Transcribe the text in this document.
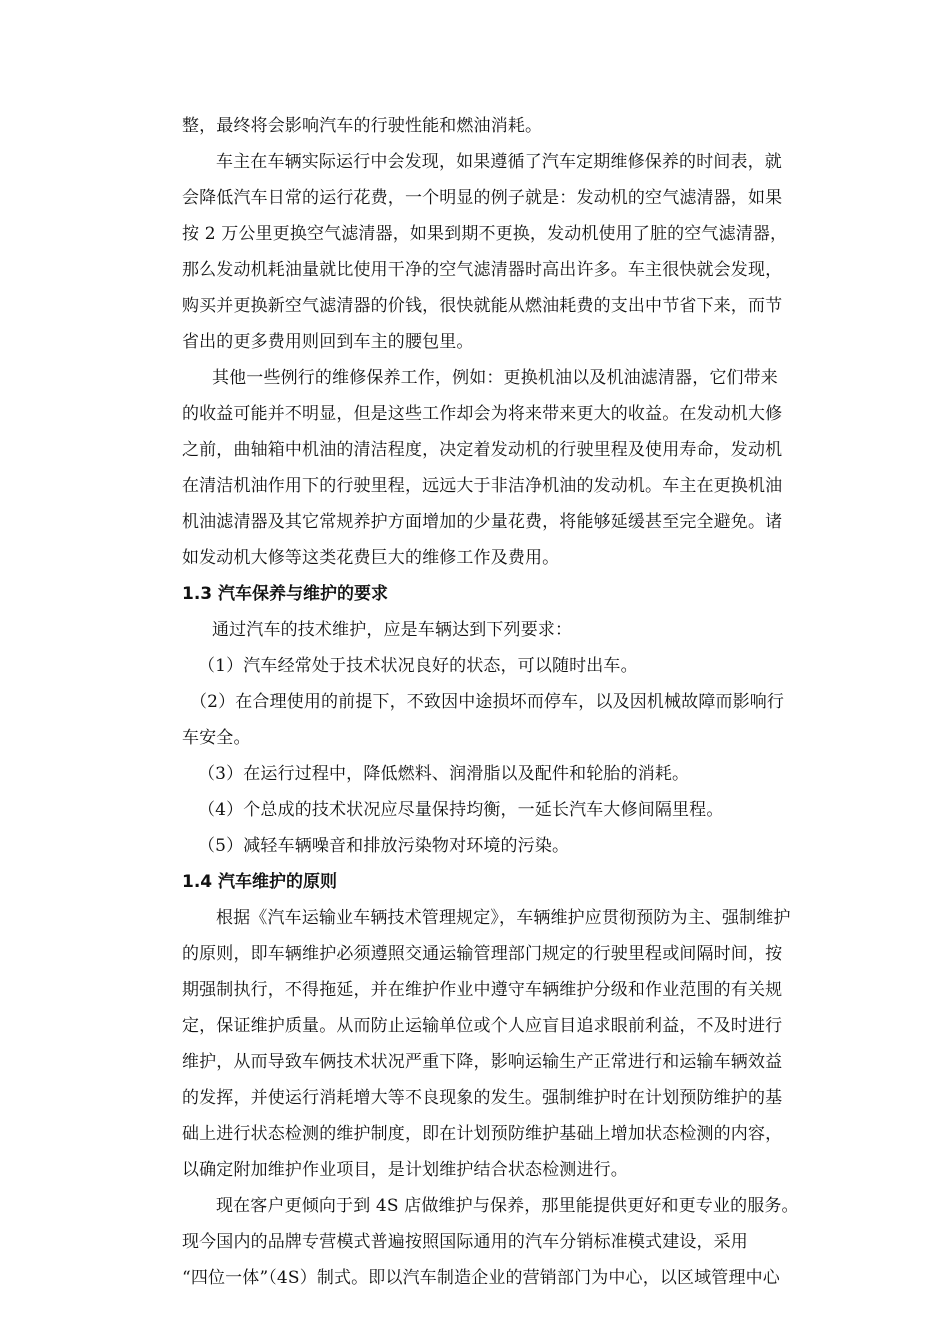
整，最终将会影响汽车的行驶性能和燃油消耗。
车主在车辆实际运行中会发现，如果遵循了汽车定期维修保养的时间表，就
会降低汽车日常的运行花费，一个明显的例子就是：发动机的空气滤清器，如果
按 2 万公里更换空气滤清器，如果到期不更换，发动机使用了脏的空气滤清器，
那么发动机耗油量就比使用干净的空气滤清器时高出许多。车主很快就会发现，
购买并更换新空气滤清器的价钱，很快就能从燃油耗费的支出中节省下来，而节
省出的更多费用则回到车主的腰包里。
其他一些例行的维修保养工作，例如：更换机油以及机油滤清器，它们带来
的收益可能并不明显，但是这些工作却会为将来带来更大的收益。在发动机大修
之前，曲轴箱中机油的清洁程度，决定着发动机的行驶里程及使用寿命，发动机
在清洁机油作用下的行驶里程，远远大于非洁净机油的发动机。车主在更换机油
机油滤清器及其它常规养护方面增加的少量花费，将能够延缓甚至完全避免。诸
如发动机大修等这类花费巨大的维修工作及费用。
1.3 汽车保养与维护的要求
通过汽车的技术维护，应是车辆达到下列要求：
（1）汽车经常处于技术状况良好的状态，可以随时出车。
（2）在合理使用的前提下，不致因中途损坏而停车，以及因机械故障而影响行
车安全。
（3）在运行过程中，降低燃料、润滑脂以及配件和轮胎的消耗。
（4）个总成的技术状况应尽量保持均衡，一延长汽车大修间隔里程。
（5）减轻车辆噪音和排放污染物对环境的污染。
1.4 汽车维护的原则
根据《汽车运输业车辆技术管理规定》，车辆维护应贯彻预防为主、强制维护
的原则，即车辆维护必须遵照交通运输管理部门规定的行驶里程或间隔时间，按
期强制执行，不得拖延，并在维护作业中遵守车辆维护分级和作业范围的有关规
定，保证维护质量。从而防止运输单位或个人应盲目追求眼前利益，不及时进行
维护，从而导致车俩技术状况严重下降，影响运输生产正常进行和运输车辆效益
的发挥，并使运行消耗增大等不良现象的发生。强制维护时在计划预防维护的基
础上进行状态检测的维护制度，即在计划预防维护基础上增加状态检测的内容，
以确定附加维护作业项目，是计划维护结合状态检测进行。
现在客户更倾向于到 4S 店做维护与保养，那里能提供更好和更专业的服务。
现今国内的品牌专营模式普遍按照国际通用的汽车分销标准模式建设，采用
“四位一体”（4S）制式。即以汽车制造企业的营销部门为中心，以区域管理中心
